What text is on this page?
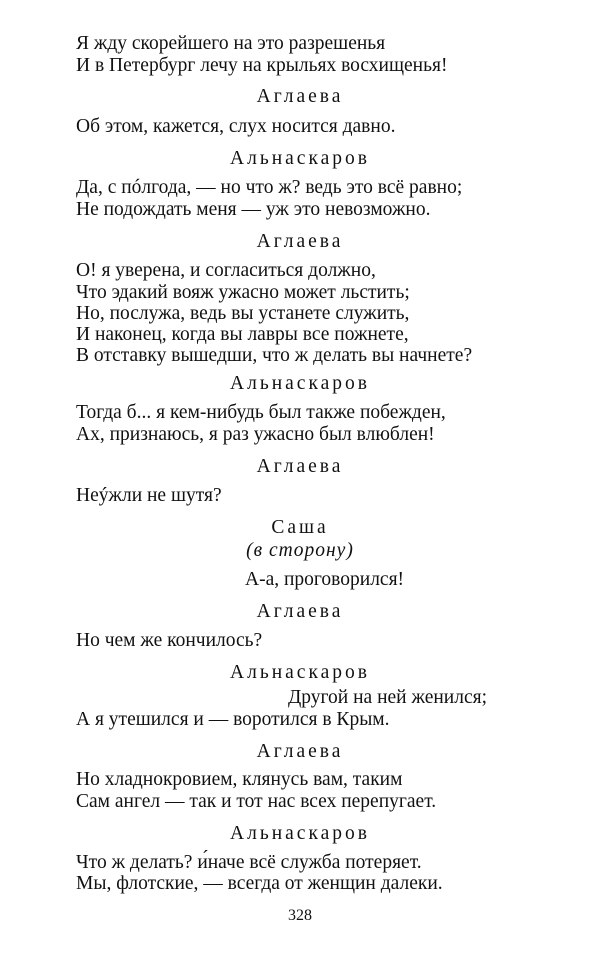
Я жду скорейшего на это разрешенья
И в Петербург лечу на крыльях восхищенья!
Аглаева
Об этом, кажется, слух носится давно.
Альнаскаров
Да, с пóлгода, — но что ж? ведь это всё равно;
Не подождать меня — уж это невозможно.
Аглаева
О! я уверена, и согласиться должно,
Что эдакий вояж ужасно может льстить;
Но, послужа, ведь вы устанете служить,
И наконец, когда вы лавры все пожнете,
В отставку вышедши, что ж делать вы начнете?
Альнаскаров
Тогда б... я кем-нибудь был также побежден,
Ах, признаюсь, я раз ужасно был влюблен!
Аглаева
Неýжли не шутя?
Саша
(в сторону)
А-а, проговорился!
Аглаева
Но чем же кончилось?
Альнаскаров
Другой на ней женился;
А я утешился и — воротился в Крым.
Аглаева
Но хладнокровием, клянусь вам, таким
Сам ангел — так и тот нас всех перепугает.
Альнаскаров
Что ж делать? и́наче всё служба потеряет.
Мы, флотские, — всегда от женщин далеки.
328
